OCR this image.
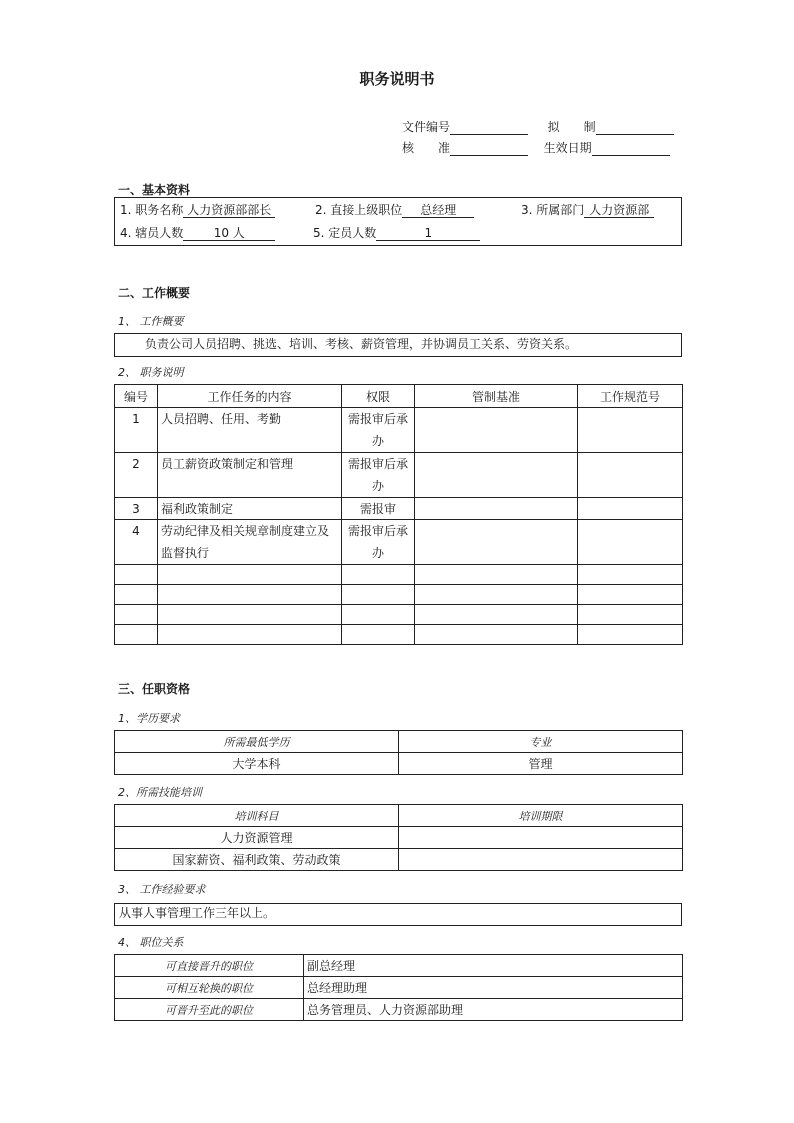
职务说明书
文件编号	拟　　制
核　　准	生效日期
一、基本资料
1. 职务名称 人力资源部部长	2. 直接上级职位 总经理	3. 所属部门 人力资源部
4. 辖员人数	10 人	5. 定员人数	1
二、工作概要
1、 工作概要
负责公司人员招聘、挑选、培训、考核、薪资管理，并协调员工关系、劳资关系。
2、 职务说明
编号	工作任务的内容	权限	管制基准	工作规范号
1	人员招聘、任用、考勤	需报审后承办		
2	员工薪资政策制定和管理	需报审后承办		
3	福利政策制定	需报审		
4	劳动纪律及相关规章制度建立及监督执行	需报审后承办		

三、任职资格
1、学历要求
所需最低学历	专业
大学本科	管理
2、所需技能培训
培训科目	培训期限
人力资源管理	
国家薪资、福利政策、劳动政策	
3、 工作经验要求
从事人事管理工作三年以上。
4、 职位关系
可直接晋升的职位	副总经理
可相互轮换的职位	总经理助理
可晋升至此的职位	总务管理员、人力资源部助理
